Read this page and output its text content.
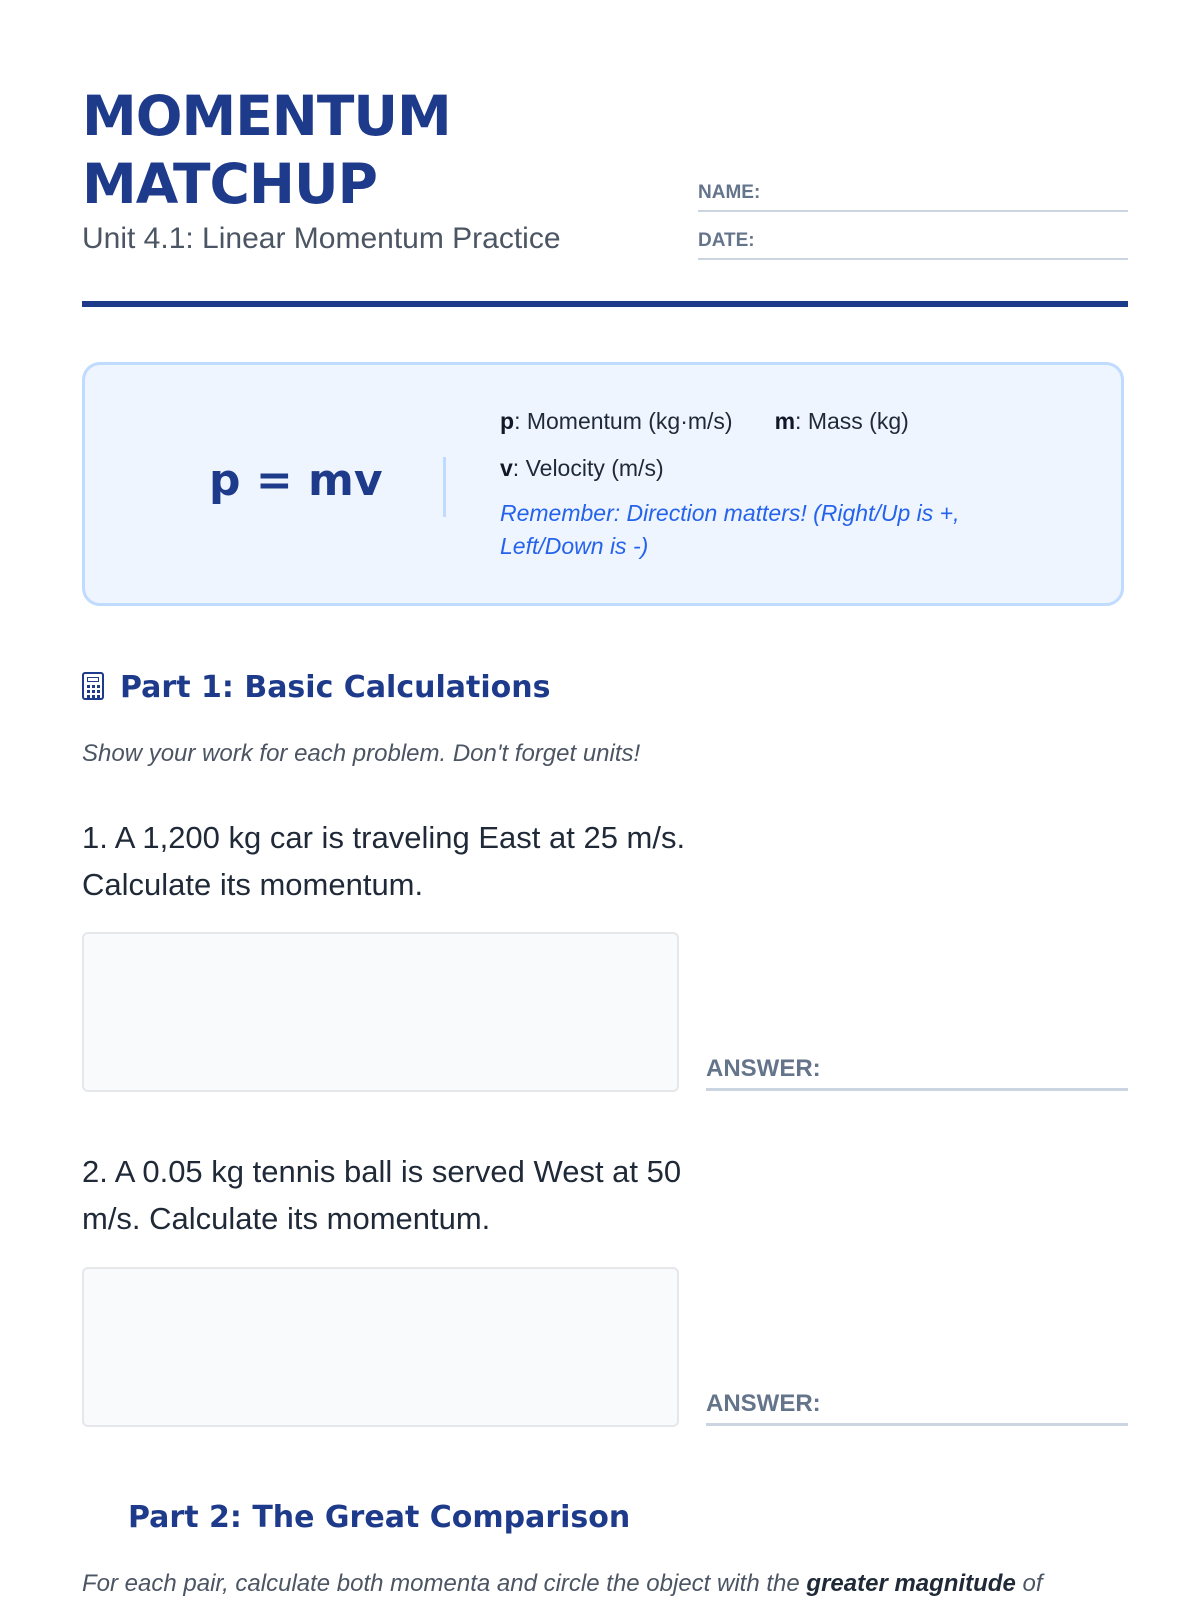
MOMENTUM
MATCHUP
Unit 4.1: Linear Momentum Practice
NAME:
DATE:
p = mv
p: Momentum (kg·m/s) m: Mass (kg)
v: Velocity (m/s)
Remember: Direction matters! (Right/Up is +, Left/Down is -)
Part 1: Basic Calculations
Show your work for each problem. Don't forget units!
1. A 1,200 kg car is traveling East at 25 m/s. Calculate its momentum.
ANSWER:
2. A 0.05 kg tennis ball is served West at 50 m/s. Calculate its momentum.
ANSWER:
Part 2: The Great Comparison
For each pair, calculate both momenta and circle the object with the greater magnitude of
